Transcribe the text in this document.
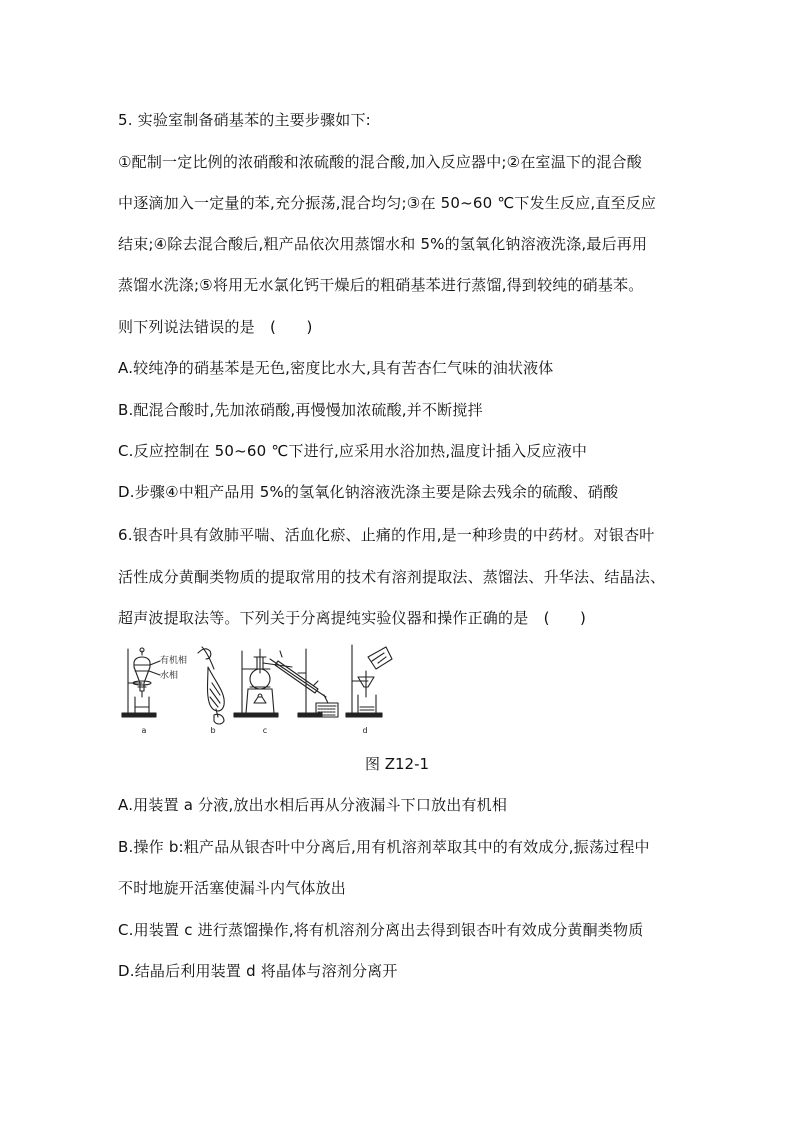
5. 实验室制备硝基苯的主要步骤如下:
①配制一定比例的浓硝酸和浓硫酸的混合酸,加入反应器中;②在室温下的混合酸
中逐滴加入一定量的苯,充分振荡,混合均匀;③在 50~60 ℃下发生反应,直至反应
结束;④除去混合酸后,粗产品依次用蒸馏水和 5%的氢氧化钠溶液洗涤,最后再用
蒸馏水洗涤;⑤将用无水氯化钙干燥后的粗硝基苯进行蒸馏,得到较纯的硝基苯。
则下列说法错误的是　(　　)
A.较纯净的硝基苯是无色,密度比水大,具有苦杏仁气味的油状液体
B.配混合酸时,先加浓硝酸,再慢慢加浓硫酸,并不断搅拌
C.反应控制在 50~60 ℃下进行,应采用水浴加热,温度计插入反应液中
D.步骤④中粗产品用 5%的氢氧化钠溶液洗涤主要是除去残余的硫酸、硝酸
6.银杏叶具有敛肺平喘、活血化瘀、止痛的作用,是一种珍贵的中药材。对银杏叶
活性成分黄酮类物质的提取常用的技术有溶剂提取法、蒸馏法、升华法、结晶法、
超声波提取法等。下列关于分离提纯实验仪器和操作正确的是　(　　)
有机相
水相
a	b	c	d
图 Z12-1
A.用装置 a 分液,放出水相后再从分液漏斗下口放出有机相
B.操作 b:粗产品从银杏叶中分离后,用有机溶剂萃取其中的有效成分,振荡过程中
不时地旋开活塞使漏斗内气体放出
C.用装置 c 进行蒸馏操作,将有机溶剂分离出去得到银杏叶有效成分黄酮类物质
D.结晶后利用装置 d 将晶体与溶剂分离开
